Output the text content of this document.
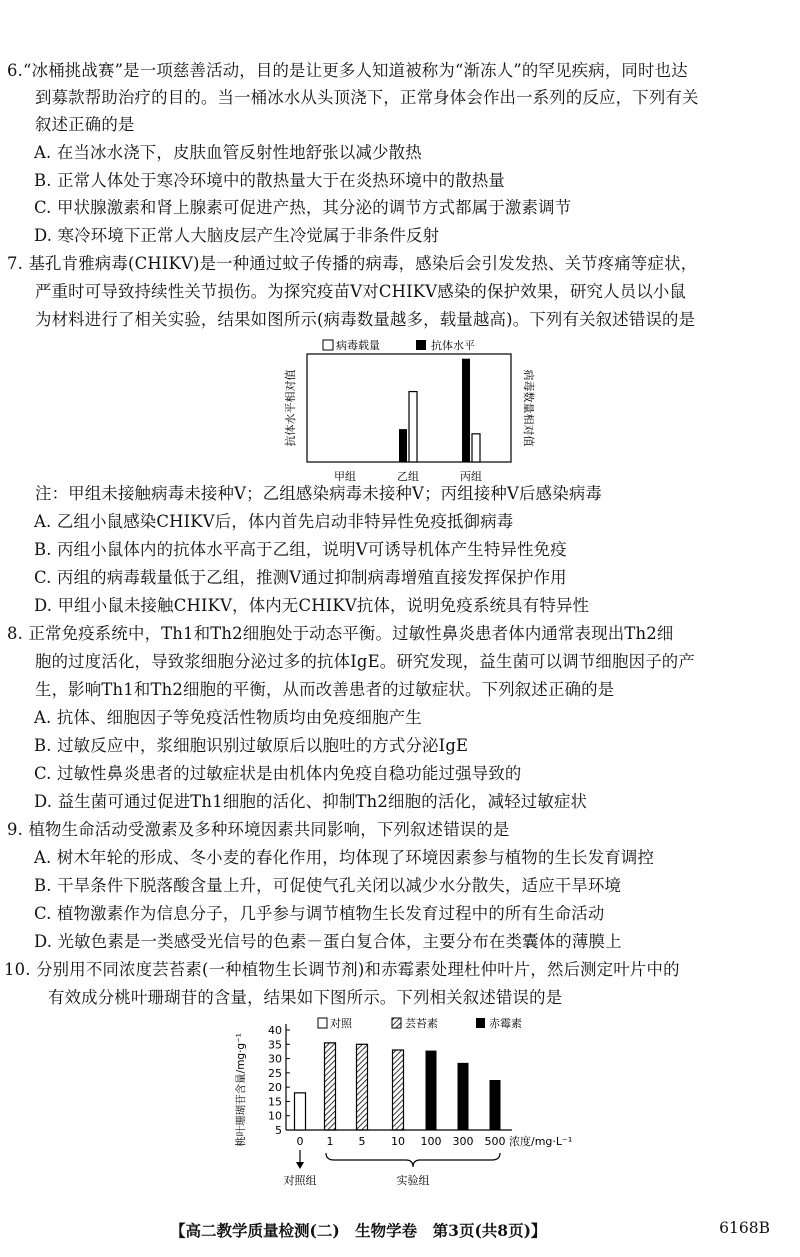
6.“冰桶挑战赛”是一项慈善活动，目的是让更多人知道被称为“渐冻人”的罕见疾病，同时也达
到募款帮助治疗的目的。当一桶冰水从头顶浇下，正常身体会作出一系列的反应，下列有关
叙述正确的是
A. 在当冰水浇下，皮肤血管反射性地舒张以减少散热
B. 正常人体处于寒冷环境中的散热量大于在炎热环境中的散热量
C. 甲状腺激素和肾上腺素可促进产热，其分泌的调节方式都属于激素调节
D. 寒冷环境下正常人大脑皮层产生冷觉属于非条件反射
7. 基孔肯雅病毒(CHIKV)是一种通过蚊子传播的病毒，感染后会引发发热、关节疼痛等症状，
严重时可导致持续性关节损伤。为探究疫苗V对CHIKV感染的保护效果，研究人员以小鼠
为材料进行了相关实验，结果如图所示(病毒数量越多，载量越高)。下列有关叙述错误的是
病毒载量	抗体水平
抗体水平相对值	病毒数量相对值
甲组	乙组	丙组
注：甲组未接触病毒未接种V；乙组感染病毒未接种V；丙组接种V后感染病毒
A. 乙组小鼠感染CHIKV后，体内首先启动非特异性免疫抵御病毒
B. 丙组小鼠体内的抗体水平高于乙组，说明V可诱导机体产生特异性免疫
C. 丙组的病毒载量低于乙组，推测V通过抑制病毒增殖直接发挥保护作用
D. 甲组小鼠未接触CHIKV，体内无CHIKV抗体，说明免疫系统具有特异性
8. 正常免疫系统中，Th1和Th2细胞处于动态平衡。过敏性鼻炎患者体内通常表现出Th2细
胞的过度活化，导致浆细胞分泌过多的抗体IgE。研究发现，益生菌可以调节细胞因子的产
生，影响Th1和Th2细胞的平衡，从而改善患者的过敏症状。下列叙述正确的是
A. 抗体、细胞因子等免疫活性物质均由免疫细胞产生
B. 过敏反应中，浆细胞识别过敏原后以胞吐的方式分泌IgE
C. 过敏性鼻炎患者的过敏症状是由机体内免疫自稳功能过强导致的
D. 益生菌可通过促进Th1细胞的活化、抑制Th2细胞的活化，减轻过敏症状
9. 植物生命活动受激素及多种环境因素共同影响，下列叙述错误的是
A. 树木年轮的形成、冬小麦的春化作用，均体现了环境因素参与植物的生长发育调控
B. 干旱条件下脱落酸含量上升，可促使气孔关闭以减少水分散失，适应干旱环境
C. 植物激素作为信息分子，几乎参与调节植物生长发育过程中的所有生命活动
D. 光敏色素是一类感受光信号的色素－蛋白复合体，主要分布在类囊体的薄膜上
10. 分别用不同浓度芸苔素(一种植物生长调节剂)和赤霉素处理杜仲叶片，然后测定叶片中的
有效成分桃叶珊瑚苷的含量，结果如下图所示。下列相关叙述错误的是
40
35
30
25
20
15
10
5
桃叶珊瑚苷含量/mg·g⁻¹
对照	芸苔素	赤霉素
0 1 5 10 100 300 500 浓度/mg·L⁻¹
对照组	实验组
【高二教学质量检测(二)　生物学卷　第3页(共8页)】	6168B
